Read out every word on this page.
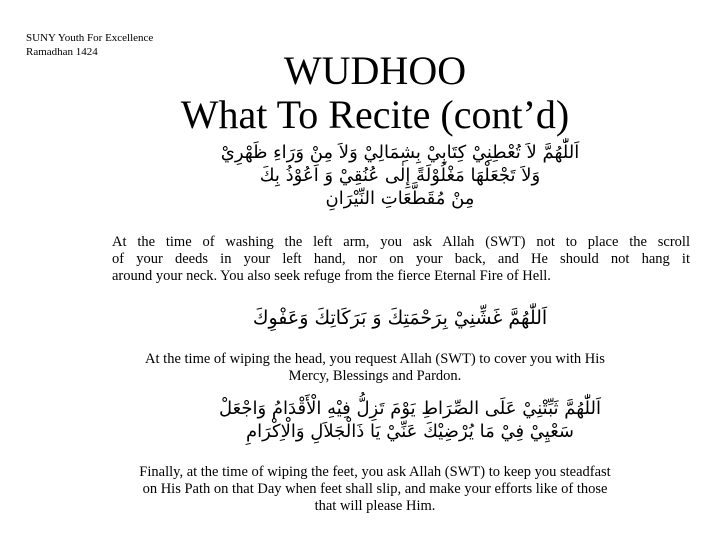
SUNY Youth For Excellence
Ramadhan 1424	WUDHOO
What To Recite (cont’d)
اَللّٰهُمَّ لاَ تُعْطِنِيْ كِتَابِيْ بِشِمَالِيْ وَلاَ مِنْ وَرَاءِ ظَهْرِيْ
وَلاَ تَجْعَلْهَا مَغْلُوْلَةً إِلٰى عُنُقِيْ وَ اَعُوْذُ بِكَ
مِنْ مُقَطَّعَاتِ النِّيْرَانِ
At the time of washing the left arm, you ask Allah (SWT) not to place the scroll
of your deeds in your left hand, nor on your back, and He should not hang it
around your neck. You also seek refuge from the fierce Eternal Fire of Hell.
اَللّٰهُمَّ غَشِّنِيْ بِرَحْمَتِكَ وَ بَرَكَاتِكَ وَعَفْوِكَ
At the time of wiping the head, you request Allah (SWT) to cover you with His
Mercy, Blessings and Pardon.
اَللّٰهُمَّ ثَبِّتْنِيْ عَلَى الصِّرَاطِ يَوْمَ تَزِلُّ فِيْهِ الْأَقْدَامُ وَاجْعَلْ
سَعْيِيْ فِيْ مَا يُرْضِيْكَ عَنِّيْ يَا ذَالْجَلاَلِ وَالْاِكْرَامِ
Finally, at the time of wiping the feet, you ask Allah (SWT) to keep you steadfast
on His Path on that Day when feet shall slip, and make your efforts like of those
that will please Him.
